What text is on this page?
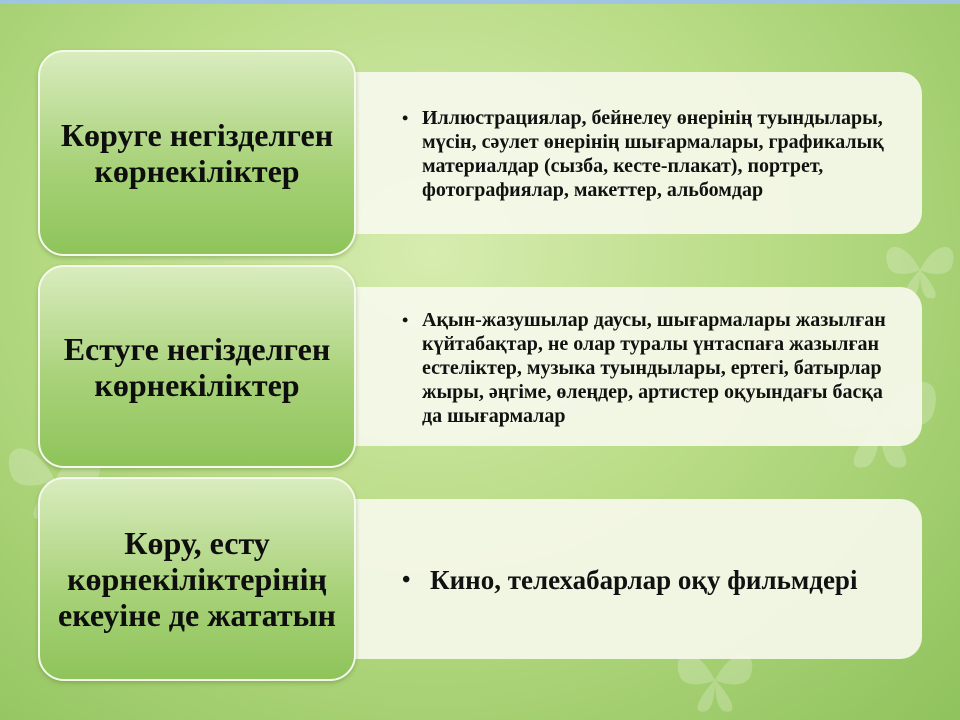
• Иллюстрациялар, бейнелеу өнерінің туындылары, мүсін, сәулет өнерінің шығармалары, графикалық материалдар (сызба, кесте-плакат), портрет, фотографиялар, макеттер, альбомдар
Көруге негізделген көрнекіліктер
• Ақын-жазушылар даусы, шығармалары жазылған күйтабақтар, не олар туралы үнтаспаға жазылған естеліктер, музыка туындылары, ертегі, батырлар жыры, әңгіме, өлеңдер, артистер оқуындағы басқа да шығармалар
Естуге негізделген көрнекіліктер
• Кино, телехабарлар оқу фильмдері
Көру, есту көрнекіліктерінің екеуіне де жататын
